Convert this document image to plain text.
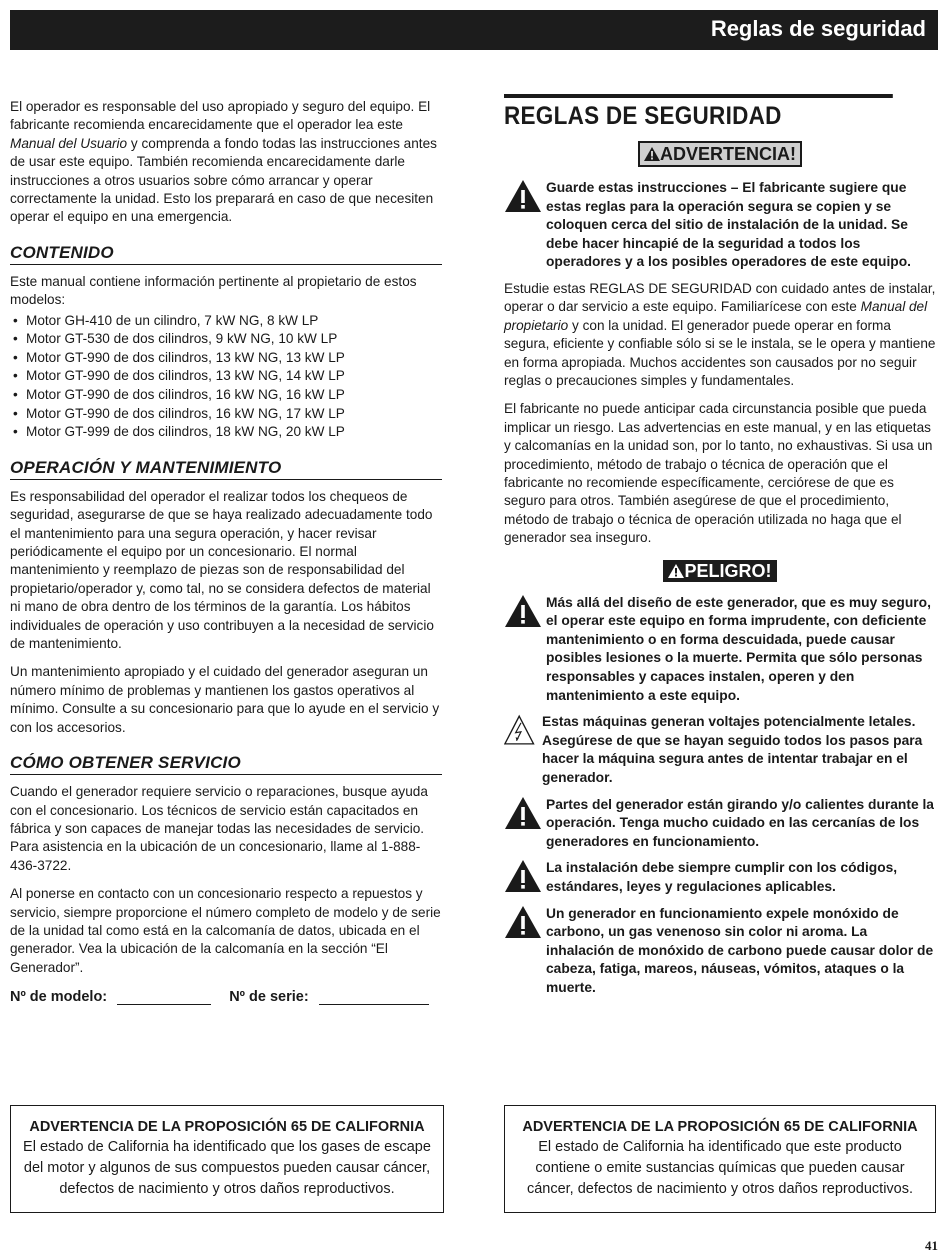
Reglas de seguridad

El operador es responsable del uso apropiado y seguro del equipo. El fabricante recomienda encarecidamente que el operador lea este Manual del Usuario y comprenda a fondo todas las instrucciones antes de usar este equipo. También recomienda encarecidamente darle instrucciones a otros usuarios sobre cómo arrancar y operar correctamente la unidad. Esto los preparará en caso de que necesiten operar el equipo en una emergencia.

CONTENIDO

Este manual contiene información pertinente al propietario de estos modelos:

• Motor GH-410 de un cilindro, 7 kW NG, 8 kW LP
• Motor GT-530 de dos cilindros, 9 kW NG, 10 kW LP
• Motor GT-990 de dos cilindros, 13 kW NG, 13 kW LP
• Motor GT-990 de dos cilindros, 13 kW NG, 14 kW LP
• Motor GT-990 de dos cilindros, 16 kW NG, 16 kW LP
• Motor GT-990 de dos cilindros, 16 kW NG, 17 kW LP
• Motor GT-999 de dos cilindros, 18 kW NG, 20 kW LP
OPERACIÓN Y MANTENIMIENTO

Es responsabilidad del operador el realizar todos los chequeos de seguridad, asegurarse de que se haya realizado adecuadamente todo el mantenimiento para una segura operación, y hacer revisar periódicamente el equipo por un concesionario. El normal mantenimiento y reemplazo de piezas son de responsabilidad del propietario/operador y, como tal, no se considera defectos de material ni mano de obra dentro de los términos de la garantía. Los hábitos individuales de operación y uso contribuyen a la necesidad de servicio de mantenimiento.

Un mantenimiento apropiado y el cuidado del generador aseguran un número mínimo de problemas y mantienen los gastos operativos al mínimo. Consulte a su concesionario para que lo ayude en el servicio y con los accesorios.

CÓMO OBTENER SERVICIO

Cuando el generador requiere servicio o reparaciones, busque ayuda con el concesionario. Los técnicos de servicio están capacitados en fábrica y son capaces de manejar todas las necesidades de servicio. Para asistencia en la ubicación de un concesionario, llame al 1-888-436-3722.

Al ponerse en contacto con un concesionario respecto a repuestos y servicio, siempre proporcione el número completo de modelo y de serie de la unidad tal como está en la calcomanía de datos, ubicada en el generador. Vea la ubicación de la calcomanía en la sección “El Generador”.

Nº de modelo:	Nº de serie:
REGLAS DE SEGURIDAD
ADVERTENCIA!
Guarde estas instrucciones – El fabricante sugiere que estas reglas para la operación segura se copien y se coloquen cerca del sitio de instalación de la unidad. Se debe hacer hincapié de la seguridad a todos los operadores y a los posibles operadores de este equipo.

Estudie estas REGLAS DE SEGURIDAD con cuidado antes de instalar, operar o dar servicio a este equipo. Familiarícese con este Manual del propietario y con la unidad. El generador puede operar en forma segura, eficiente y confiable sólo si se le instala, se le opera y mantiene en forma apropiada. Muchos accidentes son causados por no seguir reglas o precauciones simples y fundamentales.

El fabricante no puede anticipar cada circunstancia posible que pueda implicar un riesgo. Las advertencias en este manual, y en las etiquetas y calcomanías en la unidad son, por lo tanto, no exhaustivas. Si usa un procedimiento, método de trabajo o técnica de operación que el fabricante no recomiende específicamente, cerciórese de que es seguro para otros. También asegúrese de que el procedimiento, método de trabajo o técnica de operación utilizada no haga que el generador sea inseguro.

PELIGRO!
Más allá del diseño de este generador, que es muy seguro, el operar este equipo en forma imprudente, con deficiente mantenimiento o en forma descuidada, puede causar posibles lesiones o la muerte. Permita que sólo personas responsables y capaces instalen, operen y den mantenimiento a este equipo.
Estas máquinas generan voltajes potencialmente letales. Asegúrese de que se hayan seguido todos los pasos para hacer la máquina segura antes de intentar trabajar en el generador.
Partes del generador están girando y/o calientes durante la operación. Tenga mucho cuidado en las cercanías de los generadores en funcionamiento.
La instalación debe siempre cumplir con los códigos, estándares, leyes y regulaciones aplicables.
Un generador en funcionamiento expele monóxido de carbono, un gas venenoso sin color ni aroma. La inhalación de monóxido de carbono puede causar dolor de cabeza, fatiga, mareos, náuseas, vómitos, ataques o la muerte.
ADVERTENCIA DE LA PROPOSICIÓN 65 DE CALIFORNIA
El estado de California ha identificado que los gases de escape del motor y algunos de sus compuestos pueden causar cáncer, defectos de nacimiento y otros daños reproductivos.
ADVERTENCIA DE LA PROPOSICIÓN 65 DE CALIFORNIA
El estado de California ha identificado que este producto contiene o emite sustancias químicas que pueden causar cáncer, defectos de nacimiento y otros daños reproductivos.
41
